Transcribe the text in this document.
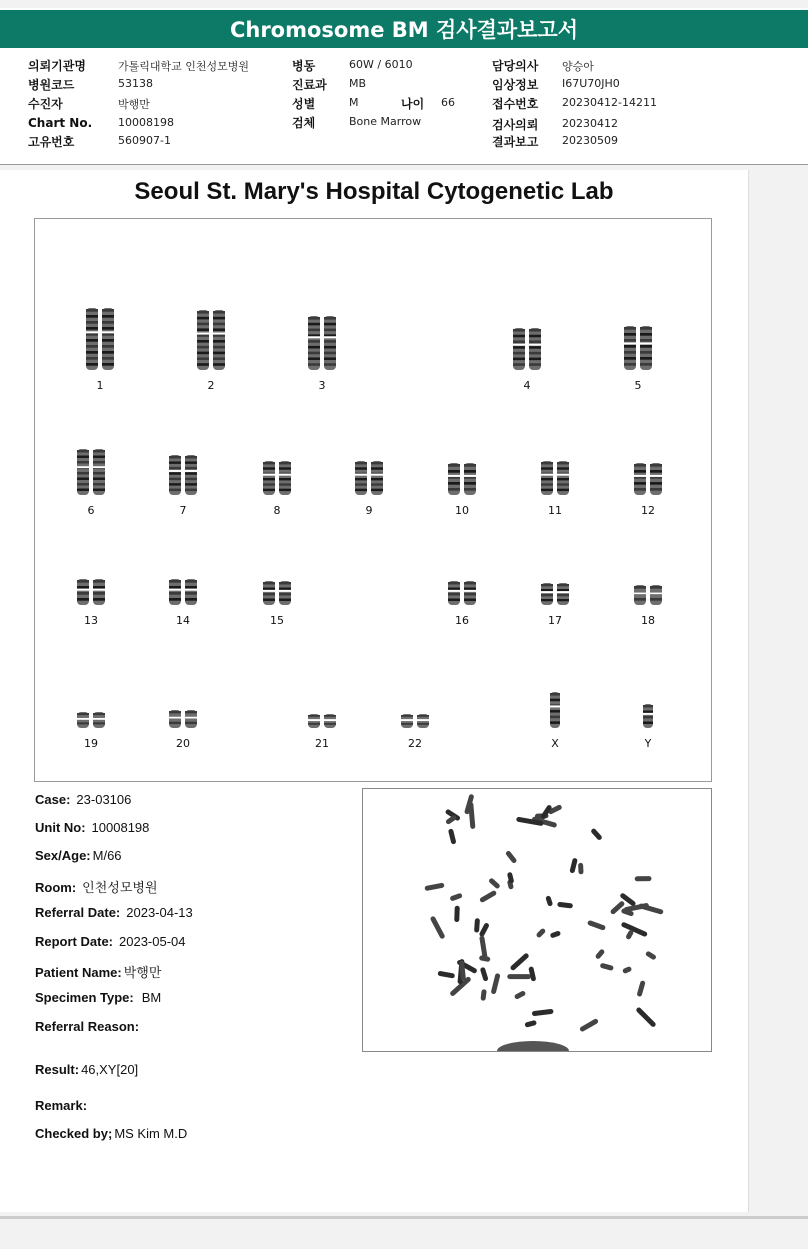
Chromosome BM 검사결과보고서
의뢰기관명	가톨릭대학교 인천성모병원
병원코드	53138
수진자	박행만
Chart No. 10008198
고유번호	560907-1
병동	60W / 6010
진료과 MB
성별	M	나이 66
검체	Bone Marrow
담당의사 양승아
임상정보 I67U70JH0
접수번호 20230412-14211
검사의뢰 20230412
결과보고 20230509
Seoul St. Mary's Hospital Cytogenetic Lab
1	2	3	4	5
6	7	8	9	10	11	12
13	14	15	16	17	18
19	20	21	22	X	Y
Case: 23-03106
Unit No: 10008198
Sex/Age: M/66
Room: 인천성모병원
Referral Date: 2023-04-13
Report Date: 2023-05-04
Patient Name: 박행만
Specimen Type: BM
Referral Reason:
Result: 46,XY[20]
Remark:
Checked by; MS Kim M.D
